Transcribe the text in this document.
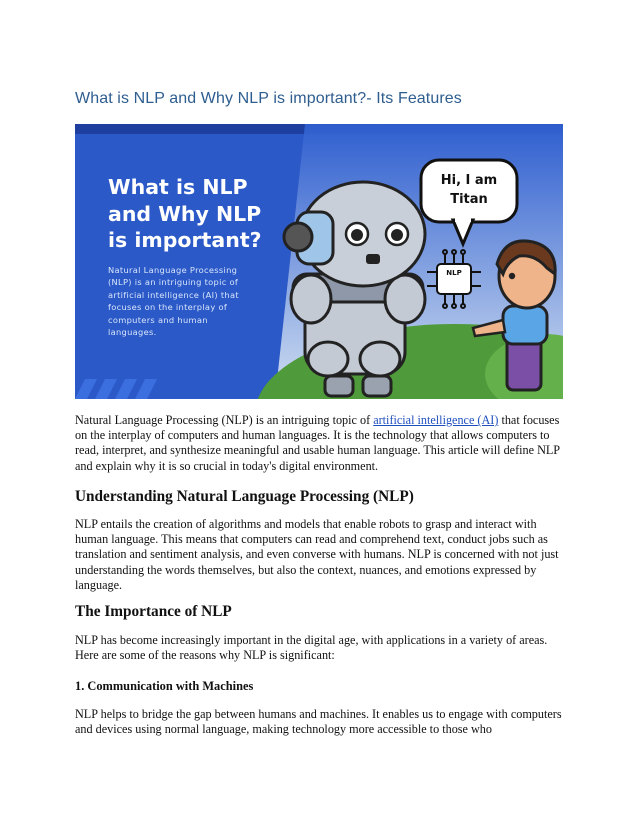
What is NLP and Why NLP is important?- Its Features

What is NLP
and Why NLP
is important?

Natural Language Processing
(NLP) is an intriguing topic of
artificial intelligence (AI) that
focuses on the interplay of
computers and human
languages.

Hi, I am
Titan
NLP

Natural Language Processing (NLP) is an intriguing topic of artificial intelligence (AI) that focuses on the interplay of computers and human languages. It is the technology that allows computers to read, interpret, and synthesize meaningful and usable human language. This article will define NLP and explain why it is so crucial in today's digital environment.

Understanding Natural Language Processing (NLP)

NLP entails the creation of algorithms and models that enable robots to grasp and interact with human language. This means that computers can read and comprehend text, conduct jobs such as translation and sentiment analysis, and even converse with humans. NLP is concerned with not just understanding the words themselves, but also the context, nuances, and emotions expressed by language.

The Importance of NLP

NLP has become increasingly important in the digital age, with applications in a variety of areas. Here are some of the reasons why NLP is significant:

1. Communication with Machines

NLP helps to bridge the gap between humans and machines. It enables us to engage with computers and devices using normal language, making technology more accessible to those who
